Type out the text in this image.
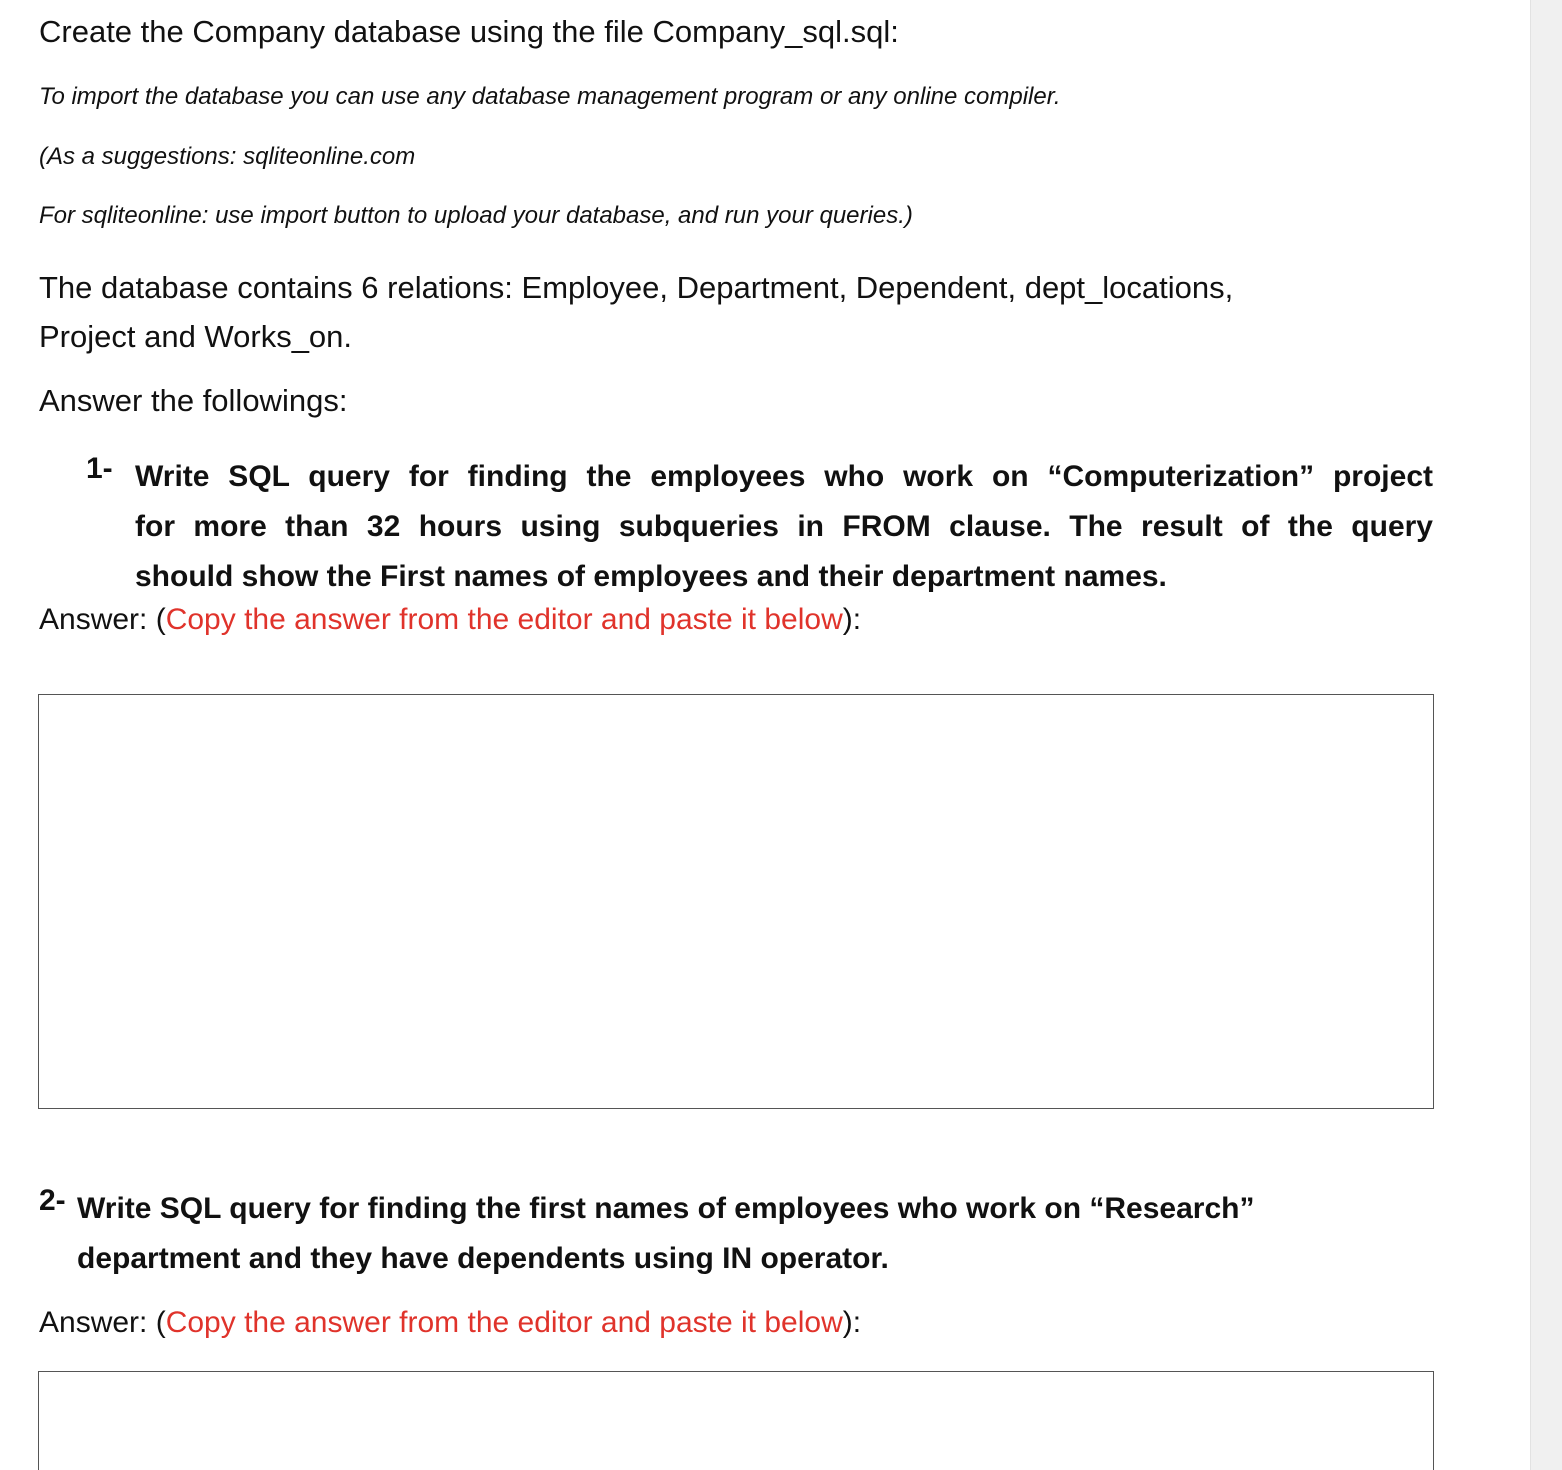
Create the Company database using the file Company_sql.sql:
To import the database you can use any database management program or any online compiler.
(As a suggestions: sqliteonline.com
For sqliteonline: use import button to upload your database, and run your queries.)
The database contains 6 relations: Employee, Department, Dependent, dept_locations,
Project and Works_on.
Answer the followings:
1- Write SQL query for finding the employees who work on “Computerization” project
for more than 32 hours using subqueries in FROM clause. The result of the query
should show the First names of employees and their department names.
Answer: (Copy the answer from the editor and paste it below):
2- Write SQL query for finding the first names of employees who work on “Research”
department and they have dependents using IN operator.
Answer: (Copy the answer from the editor and paste it below):
